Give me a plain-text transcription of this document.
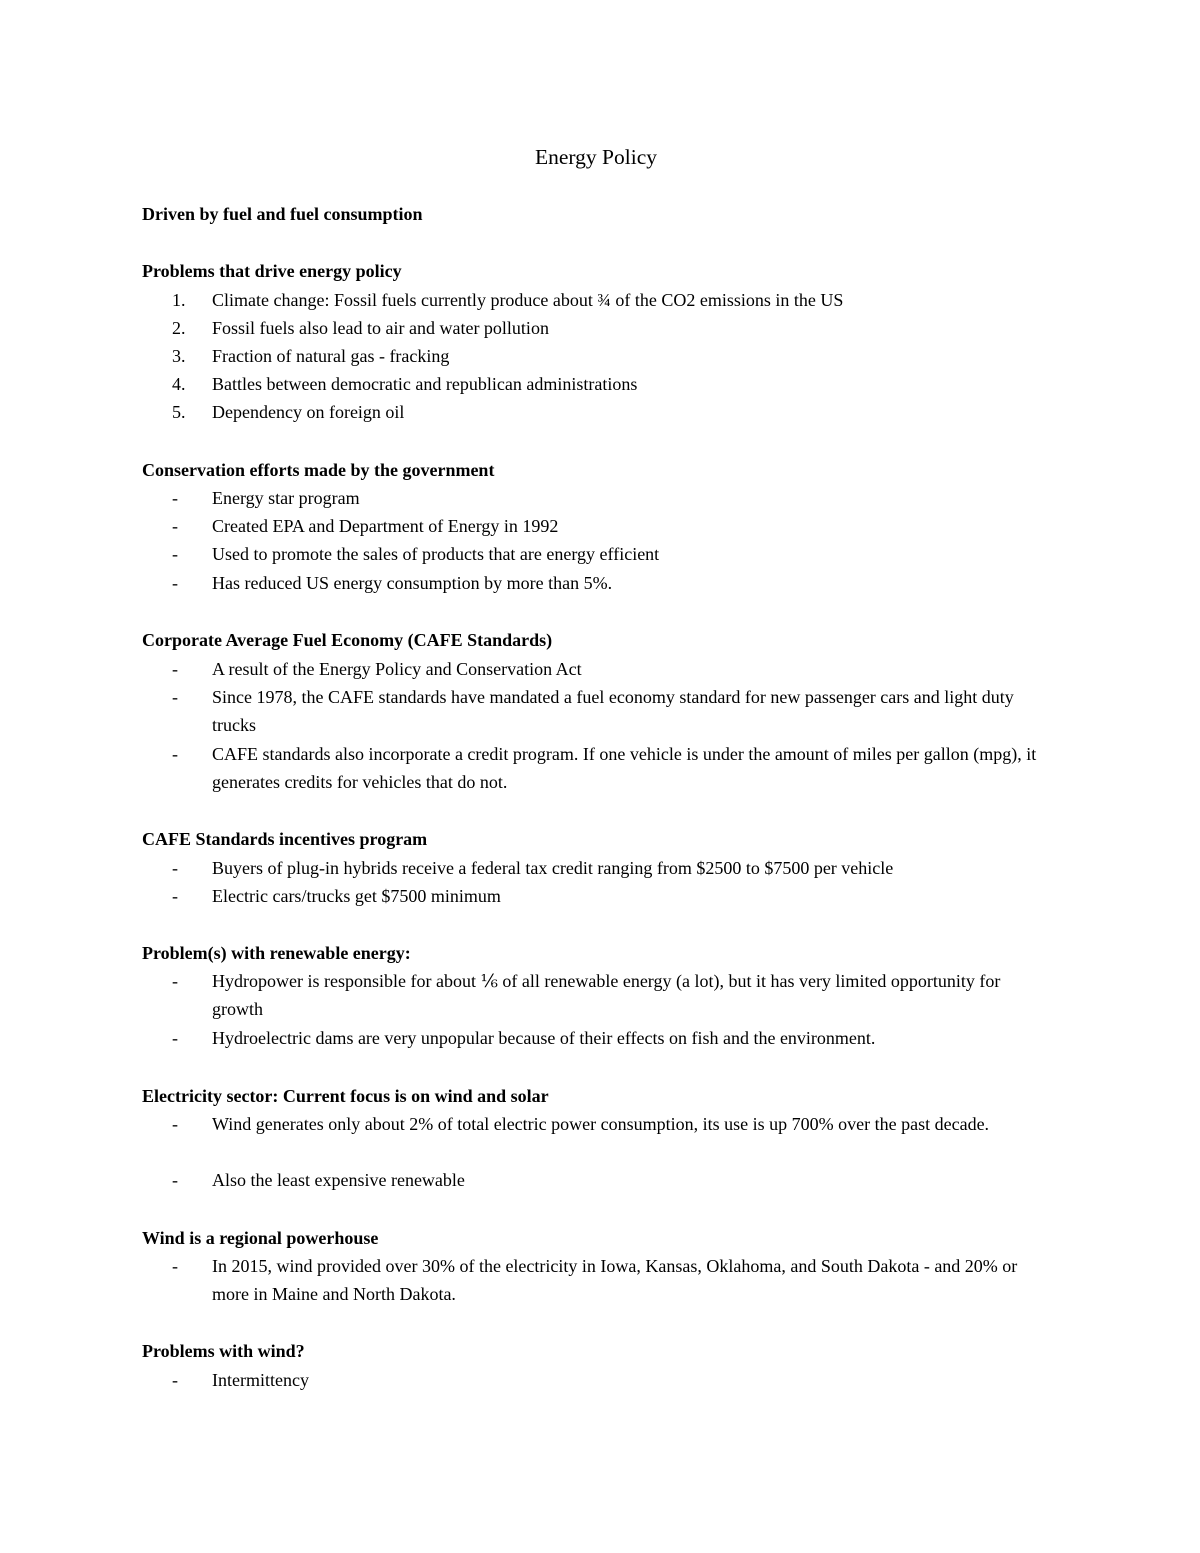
Energy Policy
Driven by fuel and fuel consumption
Problems that drive energy policy
1.	Climate change: Fossil fuels currently produce about ¾ of the CO2 emissions in the US
2.	Fossil fuels also lead to air and water pollution
3.	Fraction of natural gas - fracking
4.	Battles between democratic and republican administrations
5.	Dependency on foreign oil
Conservation efforts made by the government
-	Energy star program
-	Created EPA and Department of Energy in 1992
-	Used to promote the sales of products that are energy efficient
-	Has reduced US energy consumption by more than 5%.
Corporate Average Fuel Economy (CAFE Standards)
-	A result of the Energy Policy and Conservation Act
-	Since 1978, the CAFE standards have mandated a fuel economy standard for new passenger cars and light duty trucks
-	CAFE standards also incorporate a credit program. If one vehicle is under the amount of miles per gallon (mpg), it generates credits for vehicles that do not.
CAFE Standards incentives program
-	Buyers of plug-in hybrids receive a federal tax credit ranging from $2500 to $7500 per vehicle
-	Electric cars/trucks get $7500 minimum
Problem(s) with renewable energy:
-	Hydropower is responsible for about ⅙ of all renewable energy (a lot), but it has very limited opportunity for growth
-	Hydroelectric dams are very unpopular because of their effects on fish and the environment.
Electricity sector: Current focus is on wind and solar
-	Wind generates only about 2% of total electric power consumption, its use is up 700% over the past decade.
-	Also the least expensive renewable
Wind is a regional powerhouse
-	In 2015, wind provided over 30% of the electricity in Iowa, Kansas, Oklahoma, and South Dakota - and 20% or more in Maine and North Dakota.
Problems with wind?
-	Intermittency
